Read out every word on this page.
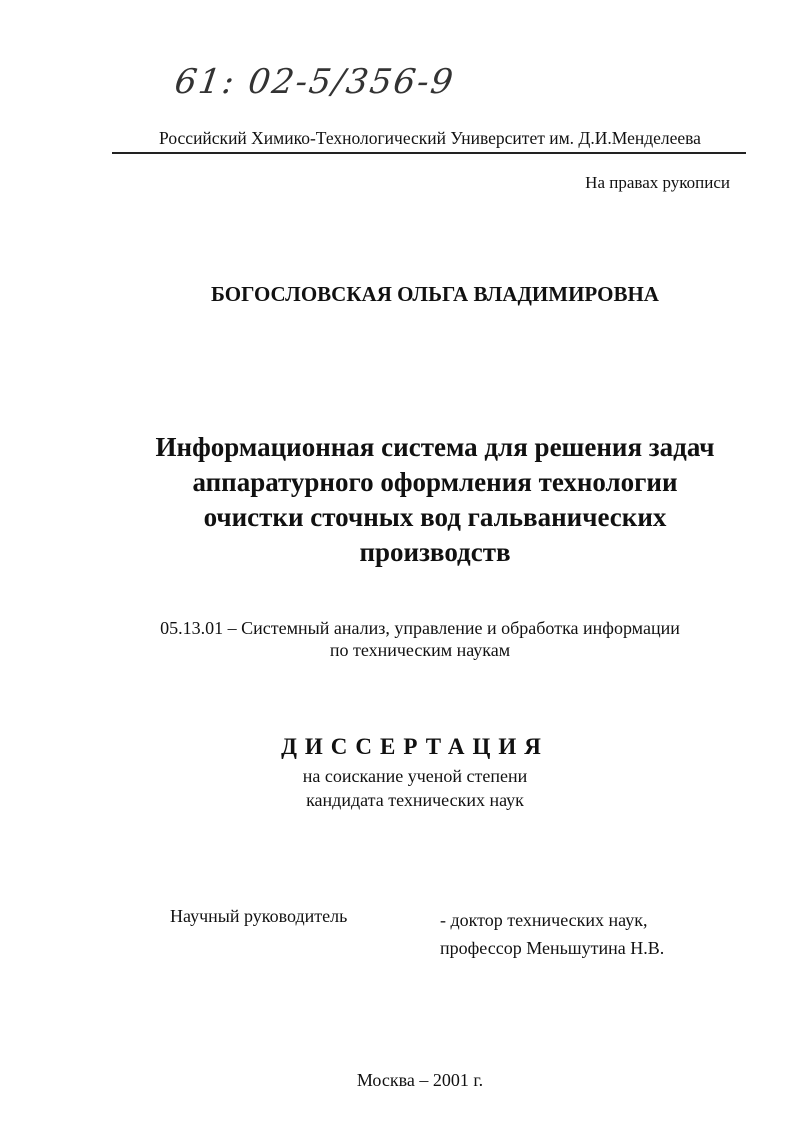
61: 02-5/356-9
Российский Химико-Технологический Университет им. Д.И.Менделеева
На правах рукописи
БОГОСЛОВСКАЯ ОЛЬГА ВЛАДИМИРОВНА
Информационная система для решения задач
аппаратурного оформления технологии
очистки сточных вод гальванических
производств
05.13.01 – Системный анализ, управление и обработка информации
по техническим наукам
ДИССЕРТАЦИЯ
на соискание ученой степени
кандидата технических наук
Научный руководитель	- доктор технических наук,
профессор Меньшутина Н.В.
Москва – 2001 г.
